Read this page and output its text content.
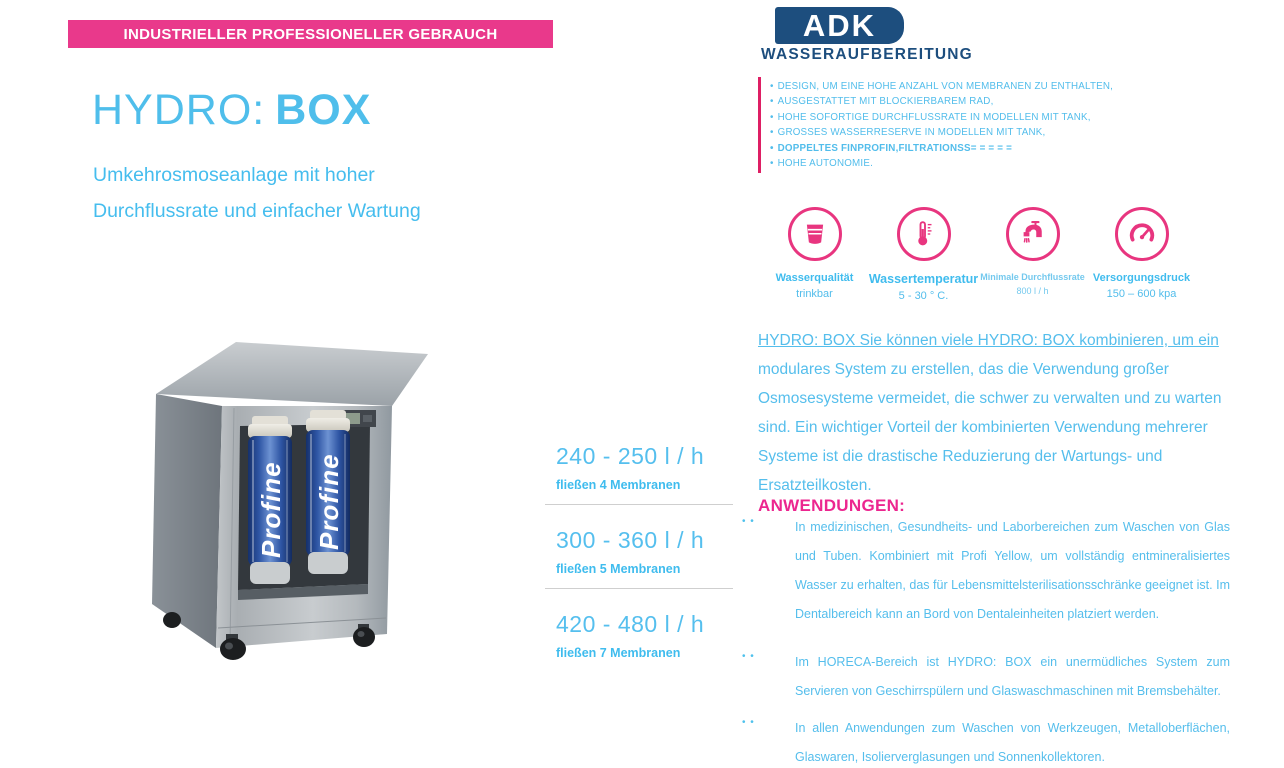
INDUSTRIELLER PROFESSIONELLER GEBRAUCH
HYDRO: BOX
Umkehrosmoseanlage mit hoher
Durchflussrate und einfacher Wartung
Profine Profine	240 - 250 l / h

fließen 4 Membranen

300 - 360 l / h

fließen 5 Membranen

420 - 480 l / h

fließen 7 Membranen
ADK
WASSERAUFBEREITUNG
• DESIGN, UM EINE HOHE ANZAHL VON MEMBRANEN ZU ENTHALTEN,
• AUSGESTATTET MIT BLOCKIERBAREM RAD,
• HOHE SOFORTIGE DURCHFLUSSRATE IN MODELLEN MIT TANK,
• GROSSES WASSERRESERVE IN MODELLEN MIT TANK,
• DOPPELTES FINPROFIN,FILTRATIONSS= = = = =
• HOHE AUTONOMIE.
Wasserqualität
trinkbar
Wassertemperatur
5 - 30 ° C.
Minimale Durchflussrate
800 l / h
Versorgungsdruck
150 – 600 kpa

HYDRO: BOX Sie können viele HYDRO: BOX kombinieren, um ein modulares System zu erstellen, das die Verwendung großer Osmosesysteme vermeidet, die schwer zu verwalten und zu warten sind. Ein wichtiger Vorteil der kombinierten Verwendung mehrerer Systeme ist die drastische Reduzierung der Wartungs- und Ersatzteilkosten.

ANWENDUNGEN:
• •	In medizinischen, Gesundheits- und Laborbereichen zum Waschen von Glas und Tuben. Kombiniert mit Profi Yellow, um vollständig entmineralisiertes Wasser zu erhalten, das für Lebensmittelsterilisationsschränke geeignet ist. Im Dentalbereich kann an Bord von Dentaleinheiten platziert werden.

• •	Im HORECA-Bereich ist HYDRO: BOX ein unermüdliches System zum Servieren von Geschirrspülern und Glaswaschmaschinen mit Bremsbehälter.

• •	In allen Anwendungen zum Waschen von Werkzeugen, Metalloberflächen, Glaswaren, Isolierverglasungen und Sonnenkollektoren.
